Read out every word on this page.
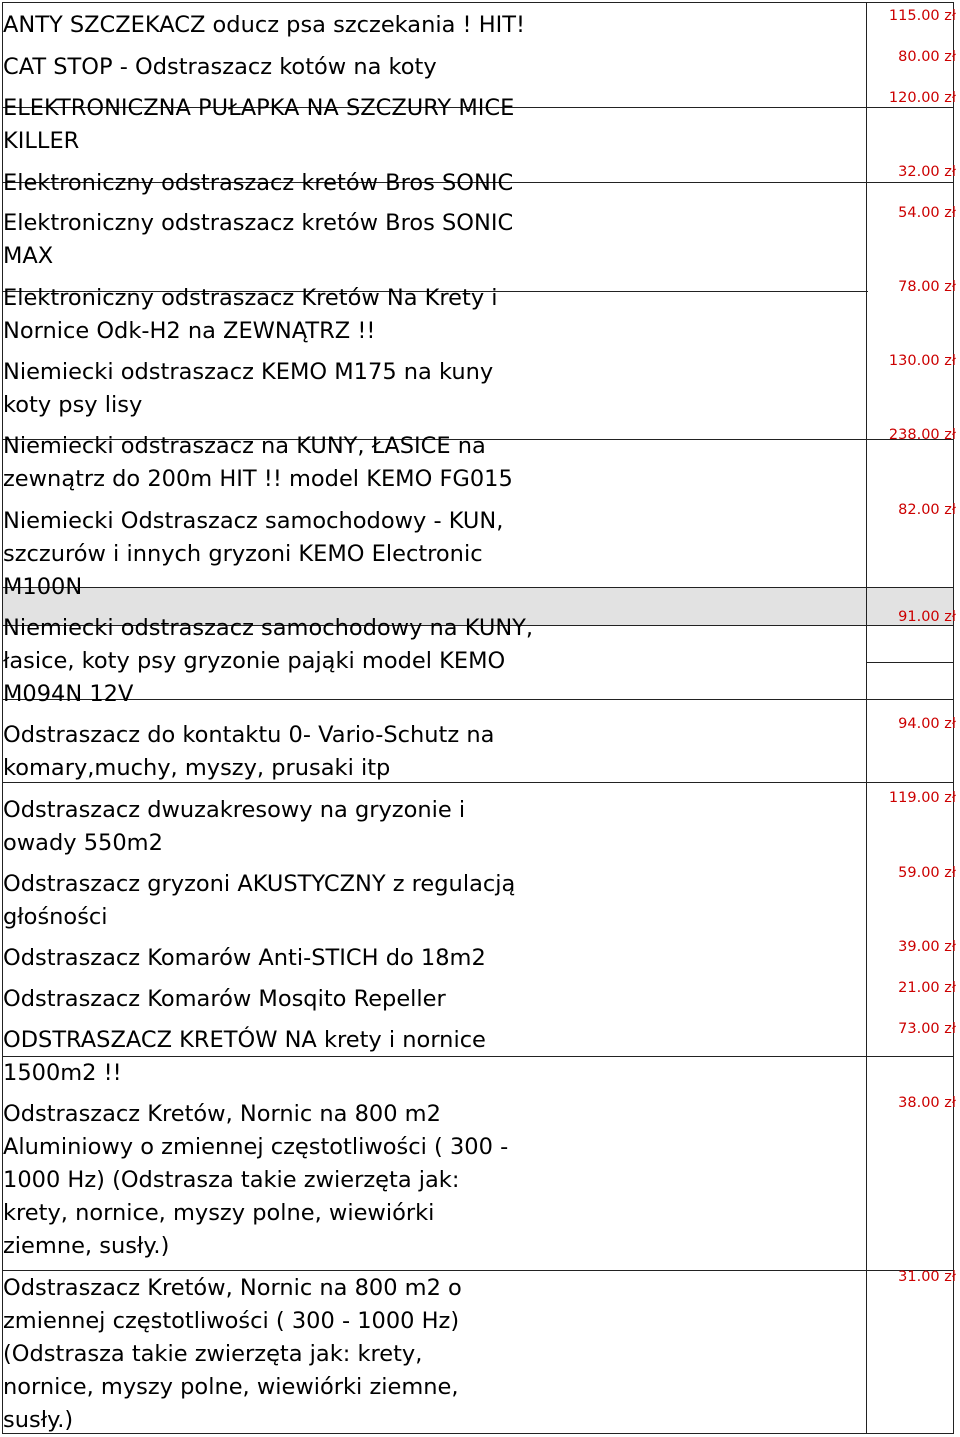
ANTY SZCZEKACZ oducz psa szczekania ! HIT!
CAT STOP - Odstraszacz kotów na koty
ELEKTRONICZNA PUŁAPKA NA SZCZURY MICE
KILLER
Elektroniczny odstraszacz kretów Bros SONIC
Elektroniczny odstraszacz kretów Bros SONIC
MAX
Elektroniczny odstraszacz Kretów Na Krety i
Nornice Odk-H2 na ZEWNĄTRZ !!
Niemiecki odstraszacz KEMO M175 na kuny
koty psy lisy
Niemiecki odstraszacz na KUNY, ŁASICE na
zewnątrz do 200m HIT !! model KEMO FG015
Niemiecki Odstraszacz samochodowy - KUN,
szczurów i innych gryzoni KEMO Electronic
M100N
Niemiecki odstraszacz samochodowy na KUNY,
łasice, koty psy gryzonie pająki model KEMO
M094N 12V
Odstraszacz do kontaktu 0- Vario-Schutz na
komary,muchy, myszy, prusaki itp
Odstraszacz dwuzakresowy na gryzonie i
owady 550m2
Odstraszacz gryzoni AKUSTYCZNY z regulacją
głośności
Odstraszacz Komarów Anti-STICH do 18m2
Odstraszacz Komarów Mosqito Repeller
ODSTRASZACZ KRETÓW NA krety i nornice
1500m2 !!
Odstraszacz Kretów, Nornic na 800 m2
Aluminiowy o zmiennej częstotliwości ( 300 -
1000 Hz) (Odstrasza takie zwierzęta jak:
krety, nornice, myszy polne, wiewiórki
ziemne, susły.)
Odstraszacz Kretów, Nornic na 800 m2 o
zmiennej częstotliwości ( 300 - 1000 Hz)
(Odstrasza takie zwierzęta jak: krety,
nornice, myszy polne, wiewiórki ziemne,
susły.)
115.00 zł
80.00 zł
120.00 zł
32.00 zł
54.00 zł
78.00 zł
130.00 zł
238.00 zł
82.00 zł
91.00 zł
94.00 zł
119.00 zł
59.00 zł
39.00 zł
21.00 zł
73.00 zł
38.00 zł
31.00 zł
